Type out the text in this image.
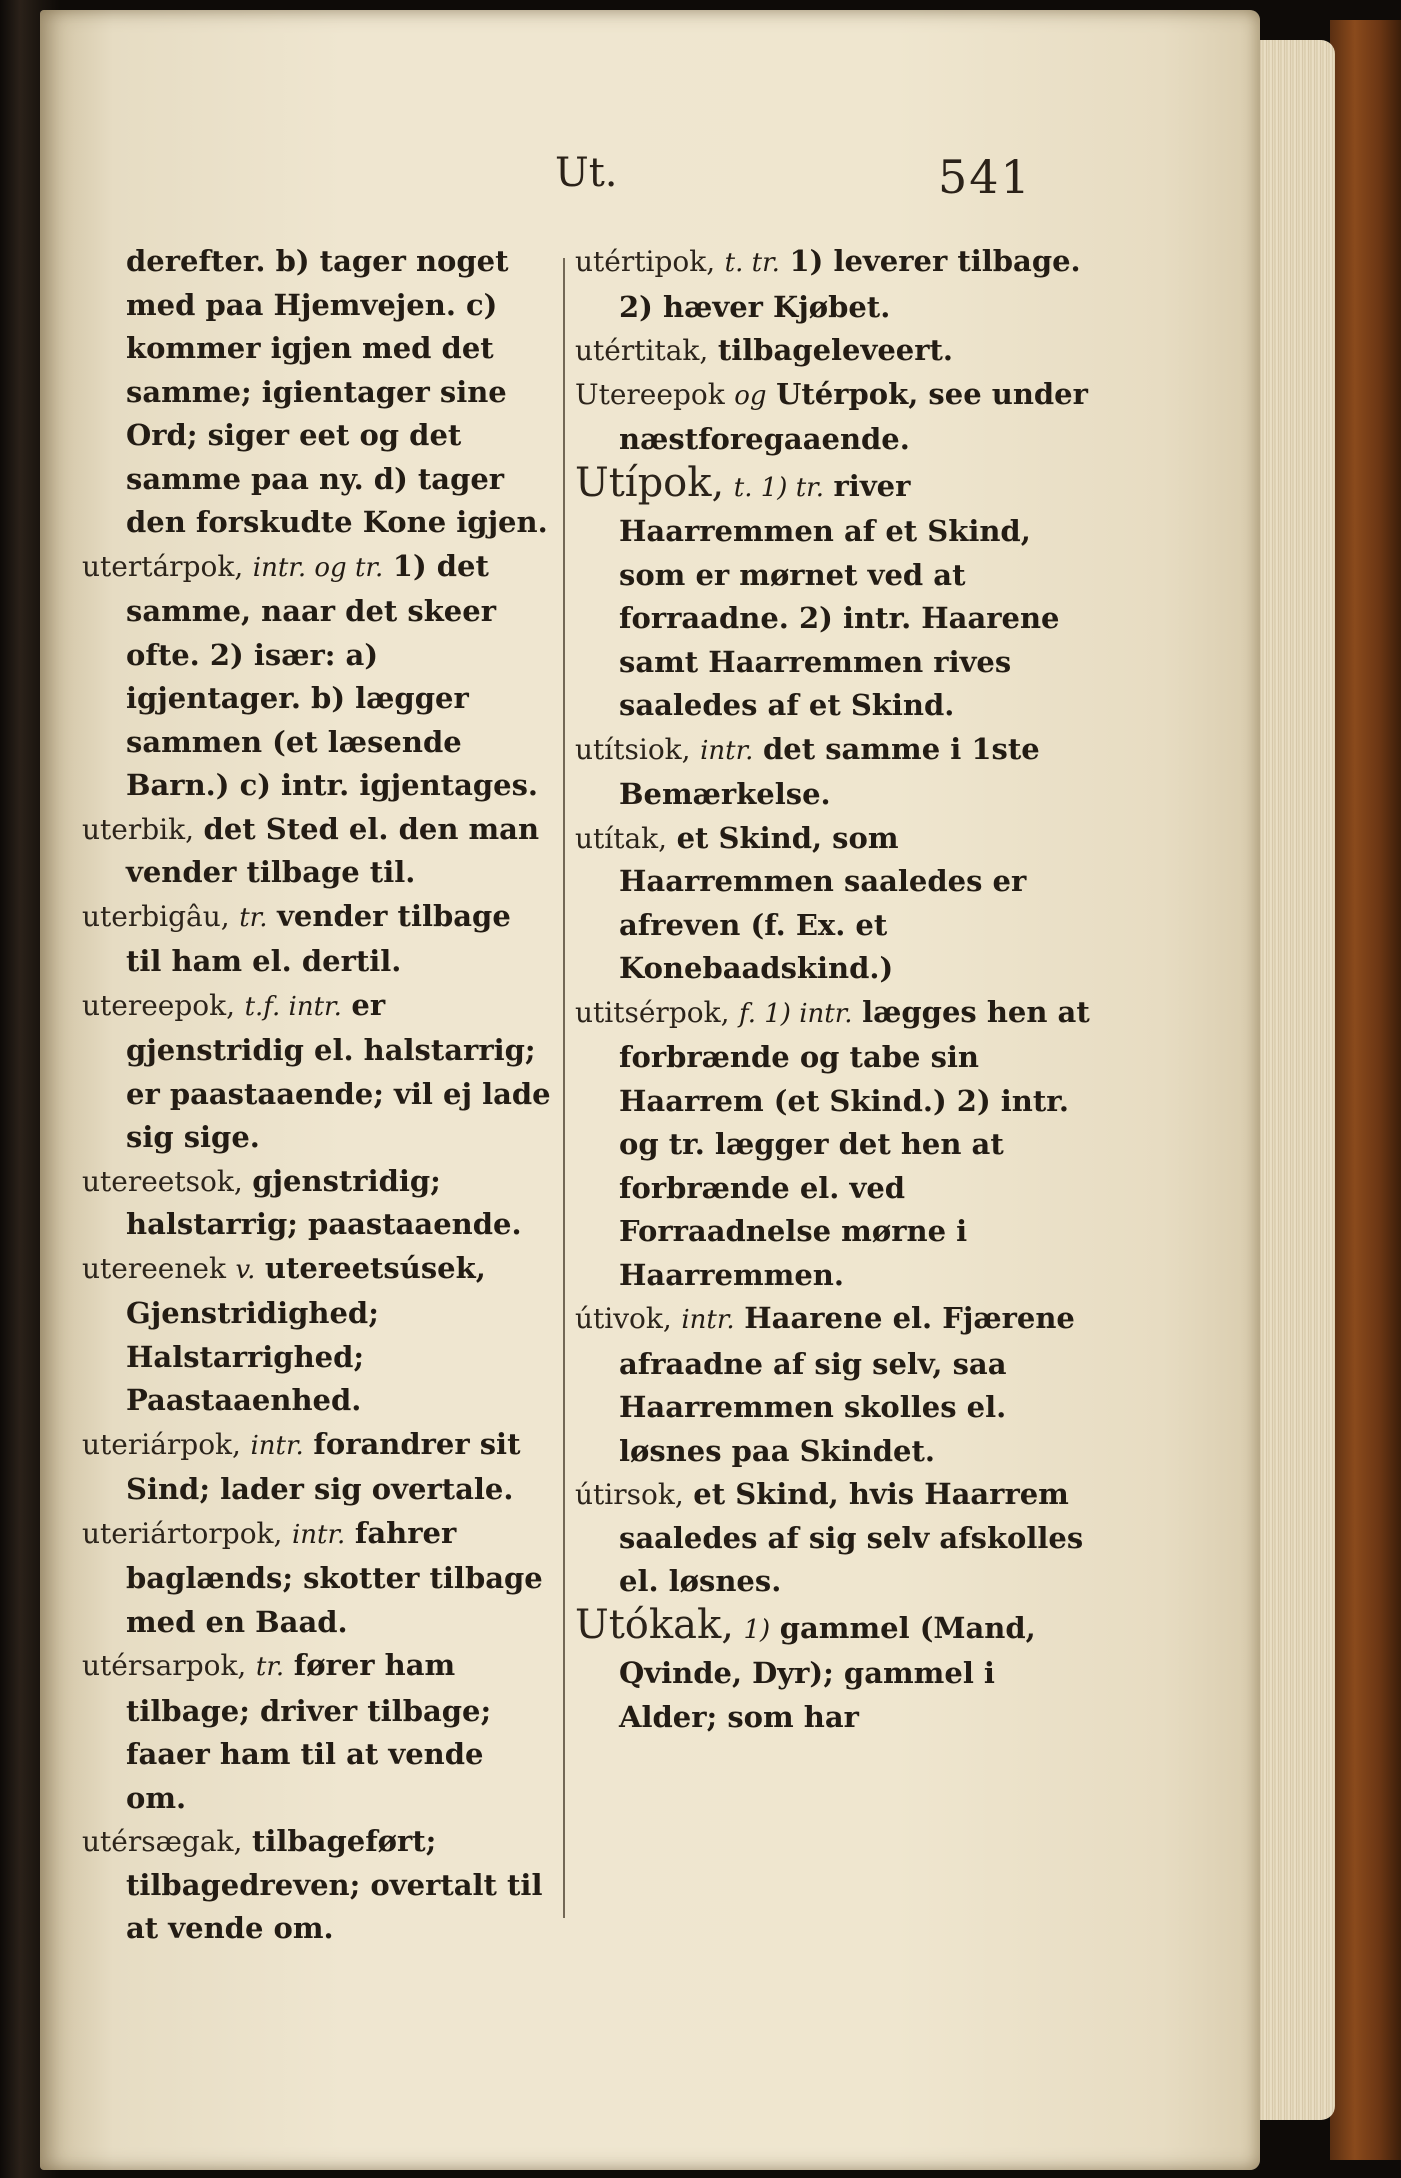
Ut.	541

derefter. b) tager noget med paa Hjemvejen. c) kommer igjen med det samme; igientager sine Ord; siger eet og det samme paa ny. d) tager den forskudte Kone igjen.

utertárpok, intr. og tr. 1) det samme, naar det skeer ofte. 2) især: a) igjentager. b) lægger sammen (et læsende Barn.) c) intr. igjentages.

uterbik, det Sted el. den man vender tilbage til.

uterbigâu, tr. vender tilbage til ham el. dertil.

utereepok, t.f. intr. er gjenstridig el. halstarrig; er paastaaende; vil ej lade sig sige.

utereetsok, gjenstridig; halstarrig; paastaaende.

utereenek v. utereetsúsek, Gjenstridighed; Halstarrighed; Paastaaenhed.

uteriárpok, intr. forandrer sit Sind; lader sig overtale.

uteriártorpok, intr. fahrer baglænds; skotter tilbage med en Baad.

utérsarpok, tr. fører ham tilbage; driver tilbage; faaer ham til at vende om.

utérsægak, tilbageført; tilbagedreven; overtalt til at vende om.

utértipok, t. tr. 1) leverer tilbage. 2) hæver Kjøbet.

utértitak, tilbageleveert.

Utereepok og Utérpok, see under næstforegaaende.

Utípok, t. 1) tr. river Haarremmen af et Skind, som er mørnet ved at forraadne. 2) intr. Haarene samt Haarremmen rives saaledes af et Skind.

utítsiok, intr. det samme i 1ste Bemærkelse.

utítak, et Skind, som Haarremmen saaledes er afreven (f. Ex. et Konebaadskind.)

utitsérpok, f. 1) intr. lægges hen at forbrænde og tabe sin Haarrem (et Skind.) 2) intr. og tr. lægger det hen at forbrænde el. ved Forraadnelse mørne i Haarremmen.

útivok, intr. Haarene el. Fjærene afraadne af sig selv, saa Haarremmen skolles el. løsnes paa Skindet.

útirsok, et Skind, hvis Haarrem saaledes af sig selv afskolles el. løsnes.

Utókak, 1) gammel (Mand, Qvinde, Dyr); gammel i Alder; som har
